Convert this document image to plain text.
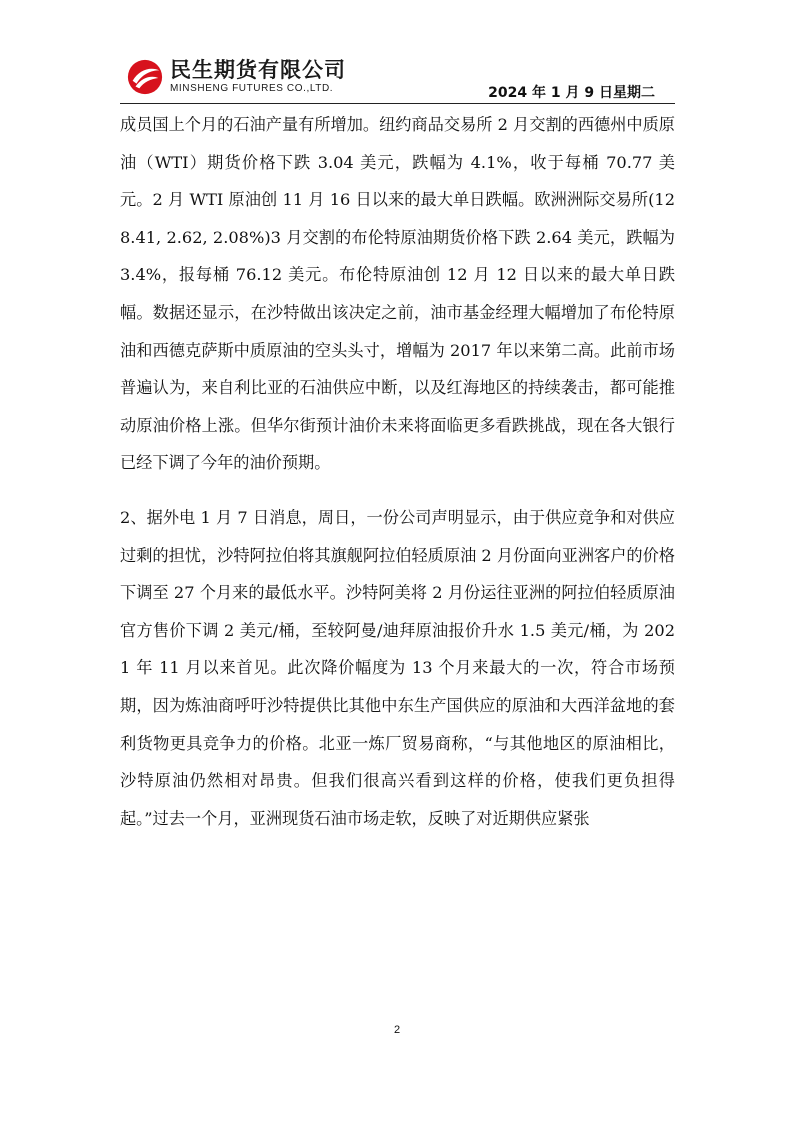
民生期货有限公司
MINSHENG FUTURES CO.,LTD.	2024 年 1 月 9 日星期二

成员国上个月的石油产量有所增加。纽约商品交易所 2 月交割的西德州中质原油（WTI）期货价格下跌 3.04 美元，跌幅为 4.1%，收于每桶 70.77 美元。2 月 WTI 原油创 11 月 16 日以来的最大单日跌幅。欧洲洲际交易所(128.41, 2.62, 2.08%)3 月交割的布伦特原油期货价格下跌 2.64 美元，跌幅为 3.4%，报每桶 76.12 美元。布伦特原油创 12 月 12 日以来的最大单日跌幅。数据还显示，在沙特做出该决定之前，油市基金经理大幅增加了布伦特原油和西德克萨斯中质原油的空头头寸，增幅为 2017 年以来第二高。此前市场普遍认为，来自利比亚的石油供应中断，以及红海地区的持续袭击，都可能推动原油价格上涨。但华尔街预计油价未来将面临更多看跌挑战，现在各大银行已经下调了今年的油价预期。

2、据外电 1 月 7 日消息，周日，一份公司声明显示，由于供应竞争和对供应过剩的担忧，沙特阿拉伯将其旗舰阿拉伯轻质原油 2 月份面向亚洲客户的价格下调至 27 个月来的最低水平。沙特阿美将 2 月份运往亚洲的阿拉伯轻质原油官方售价下调 2 美元/桶，至较阿曼/迪拜原油报价升水 1.5 美元/桶，为 2021 年 11 月以来首见。此次降价幅度为 13 个月来最大的一次，符合市场预期，因为炼油商呼吁沙特提供比其他中东生产国供应的原油和大西洋盆地的套利货物更具竞争力的价格。北亚一炼厂贸易商称，“与其他地区的原油相比，沙特原油仍然相对昂贵。但我们很高兴看到这样的价格，使我们更负担得起。”过去一个月，亚洲现货石油市场走软，反映了对近期供应紧张

2
